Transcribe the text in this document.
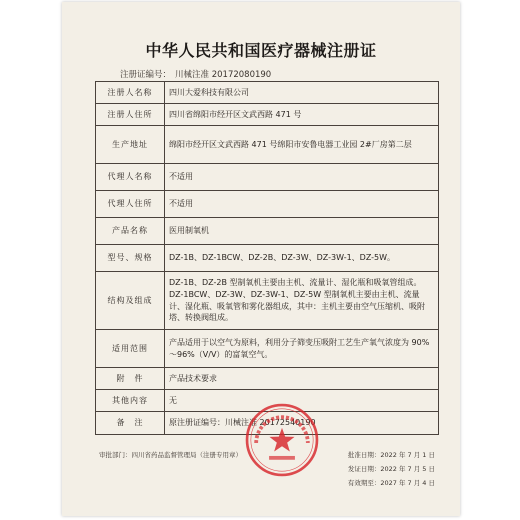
中华人民共和国医疗器械注册证
注册证编号： 川械注准 20172080190
注册人名称	四川大爱科技有限公司
注册人住所	四川省绵阳市经开区文武西路 471 号
生产地址	绵阳市经开区文武西路 471 号绵阳市安鲁电器工业园 2#厂房第二层
代理人名称	不适用
代理人住所	不适用
产品名称	医用制氧机
型号、规格	DZ-1B、DZ-1BCW、DZ-2B、DZ-3W、DZ-3W-1、DZ-5W。
结构及组成	DZ-1B、DZ-2B 型制氧机主要由主机、流量计、湿化瓶和吸氧管组成。DZ-1BCW、DZ-3W、DZ-3W-1、DZ-5W 型制氧机主要由主机、流量计、湿化瓶、吸氧管和雾化器组成，其中：主机主要由空气压缩机、吸附塔、转换阀组成。
适用范围	产品适用于以空气为原料，利用分子筛变压吸附工艺生产氧气浓度为 90%～96%（V/V）的富氧空气。
附　件	产品技术要求
其他内容	无
备　注	原注册证编号：川械注准 20172540190
审批部门：四川省药品监督管理局（注册专用章）	批准日期：2022 年 7 月 1 日
发证日期：2022 年 7 月 5 日
有效期至：2027 年 7 月 4 日
